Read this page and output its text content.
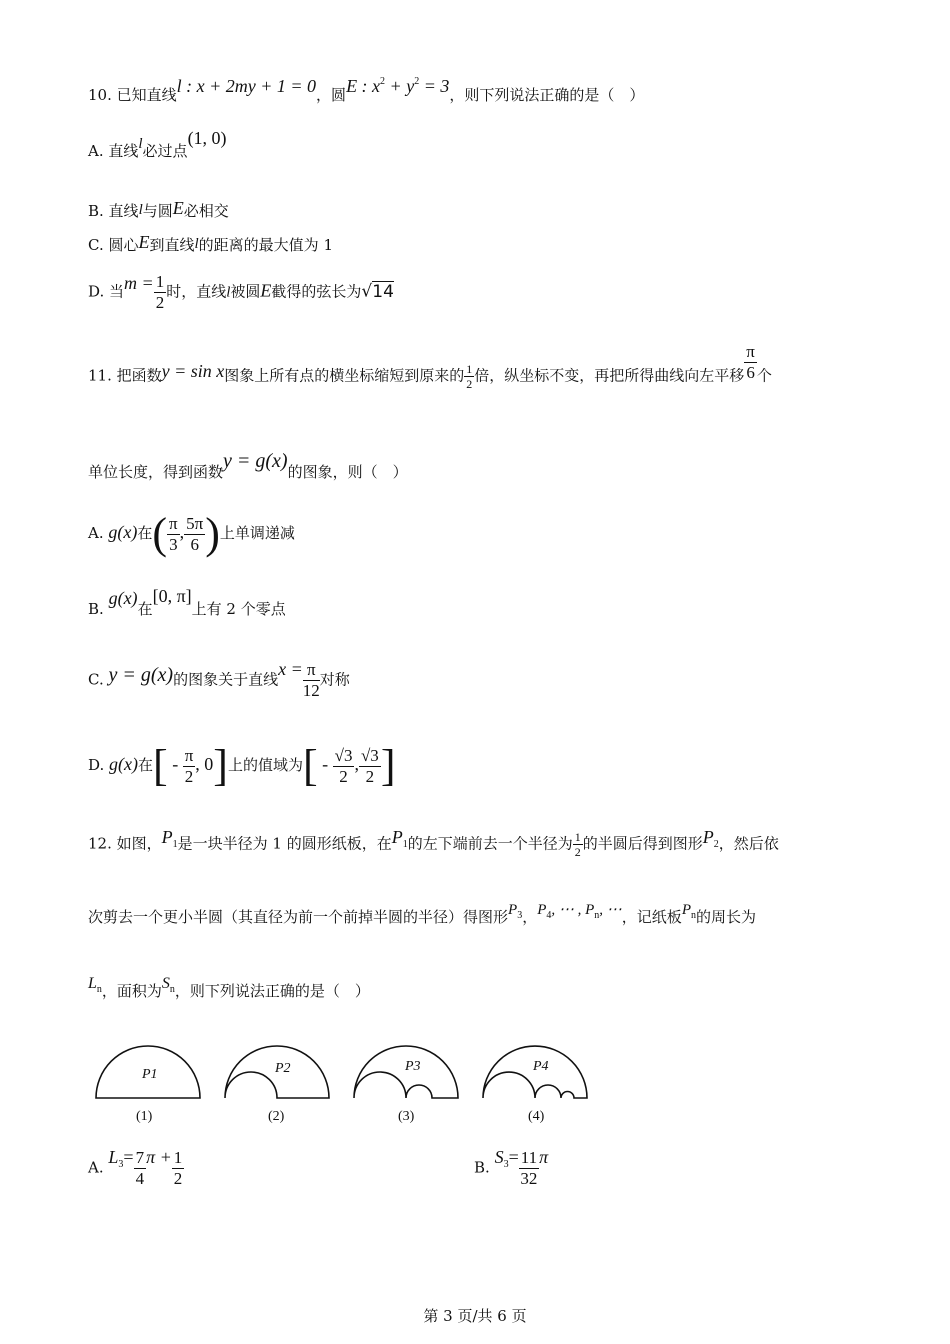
10. 已知直线l : x + 2my + 1 = 0，圆E : $x^2 + y^2 = 3$，则下列说法正确的是（　）
A. 直线l必过点(1, 0)
B. 直线l与圆E必相交
C. 圆心E到直线l的距离的最大值为 1
D. 当$m = \frac{1}{2}$ 时，直线l被圆E截得的弦长为√14
11. 把函数y = sin x图象上所有点的横坐标缩短到原来的 $\frac{1}{2}$ 倍，纵坐标不变，再把所得曲线向左平移 $\frac{\pi}{6}$ 个
单位长度，得到函数y = g(x)的图象，则（　）
A. g(x)在( $\frac{\pi}{3}$ , $\frac{5\pi}{6}$ )上单调递减
B. g(x)在[0, π]上有 2 个零点
C. y = g(x)的图象关于直线$x = \frac{\pi}{12}$ 对称
D. g(x)在[ - $\frac{\pi}{2}$ , 0]上的值域为[ - $\frac{√3}{2}$ , $\frac{√3}{2}$ ]
12. 如图，$P_1$是一块半径为 1 的圆形纸板，在$P_1$的左下端前去一个半径为 $\frac{1}{2}$ 的半圆后得到图形$P_2$，然后依
次剪去一个更小半圆（其直径为前一个前掉半圆的半径）得图形$P_3$，$P_4$, ⋯ , $P_n$, ⋯，记纸板$P_n$的周长为
$L_n$，面积为$S_n$，则下列说法正确的是（　）
P1	P2	P3	P4
(1)	(2)	(3)	(4)
A. $L_3= \frac{7}{4}$ $\pi + \frac{1}{2}$	B. $S_3= \frac{11}{32}$ π
第 3 页/共 6 页
